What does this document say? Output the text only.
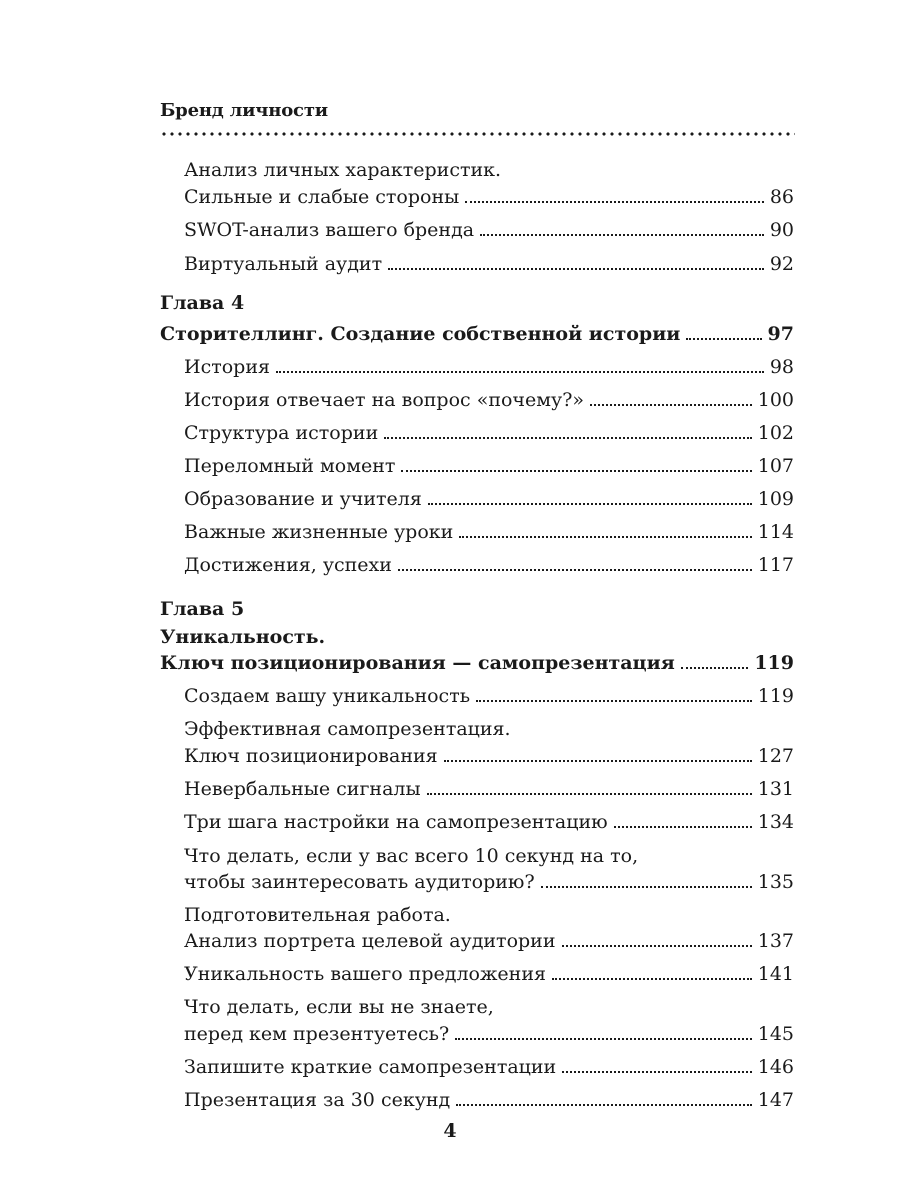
Бренд личности
Анализ личных характеристик.
Сильные и слабые стороны	86
SWOT-анализ вашего бренда	90
Виртуальный аудит	92
Глава 4
Сторителлинг. Создание собственной истории	97
История	98
История отвечает на вопрос «почему?»	100
Структура истории	102
Переломный момент	107
Образование и учителя	109
Важные жизненные уроки	114
Достижения, успехи	117
Глава 5
Уникальность.
Ключ позиционирования — самопрезентация	119
Создаем вашу уникальность	119
Эффективная самопрезентация.
Ключ позиционирования	127
Невербальные сигналы	131
Три шага настройки на самопрезентацию	134
Что делать, если у вас всего 10 секунд на то,
чтобы заинтересовать аудиторию?	135
Подготовительная работа.
Анализ портрета целевой аудитории	137
Уникальность вашего предложения	141
Что делать, если вы не знаете,
перед кем презентуетесь?	145
Запишите краткие самопрезентации	146
Презентация за 30 секунд	147
4
